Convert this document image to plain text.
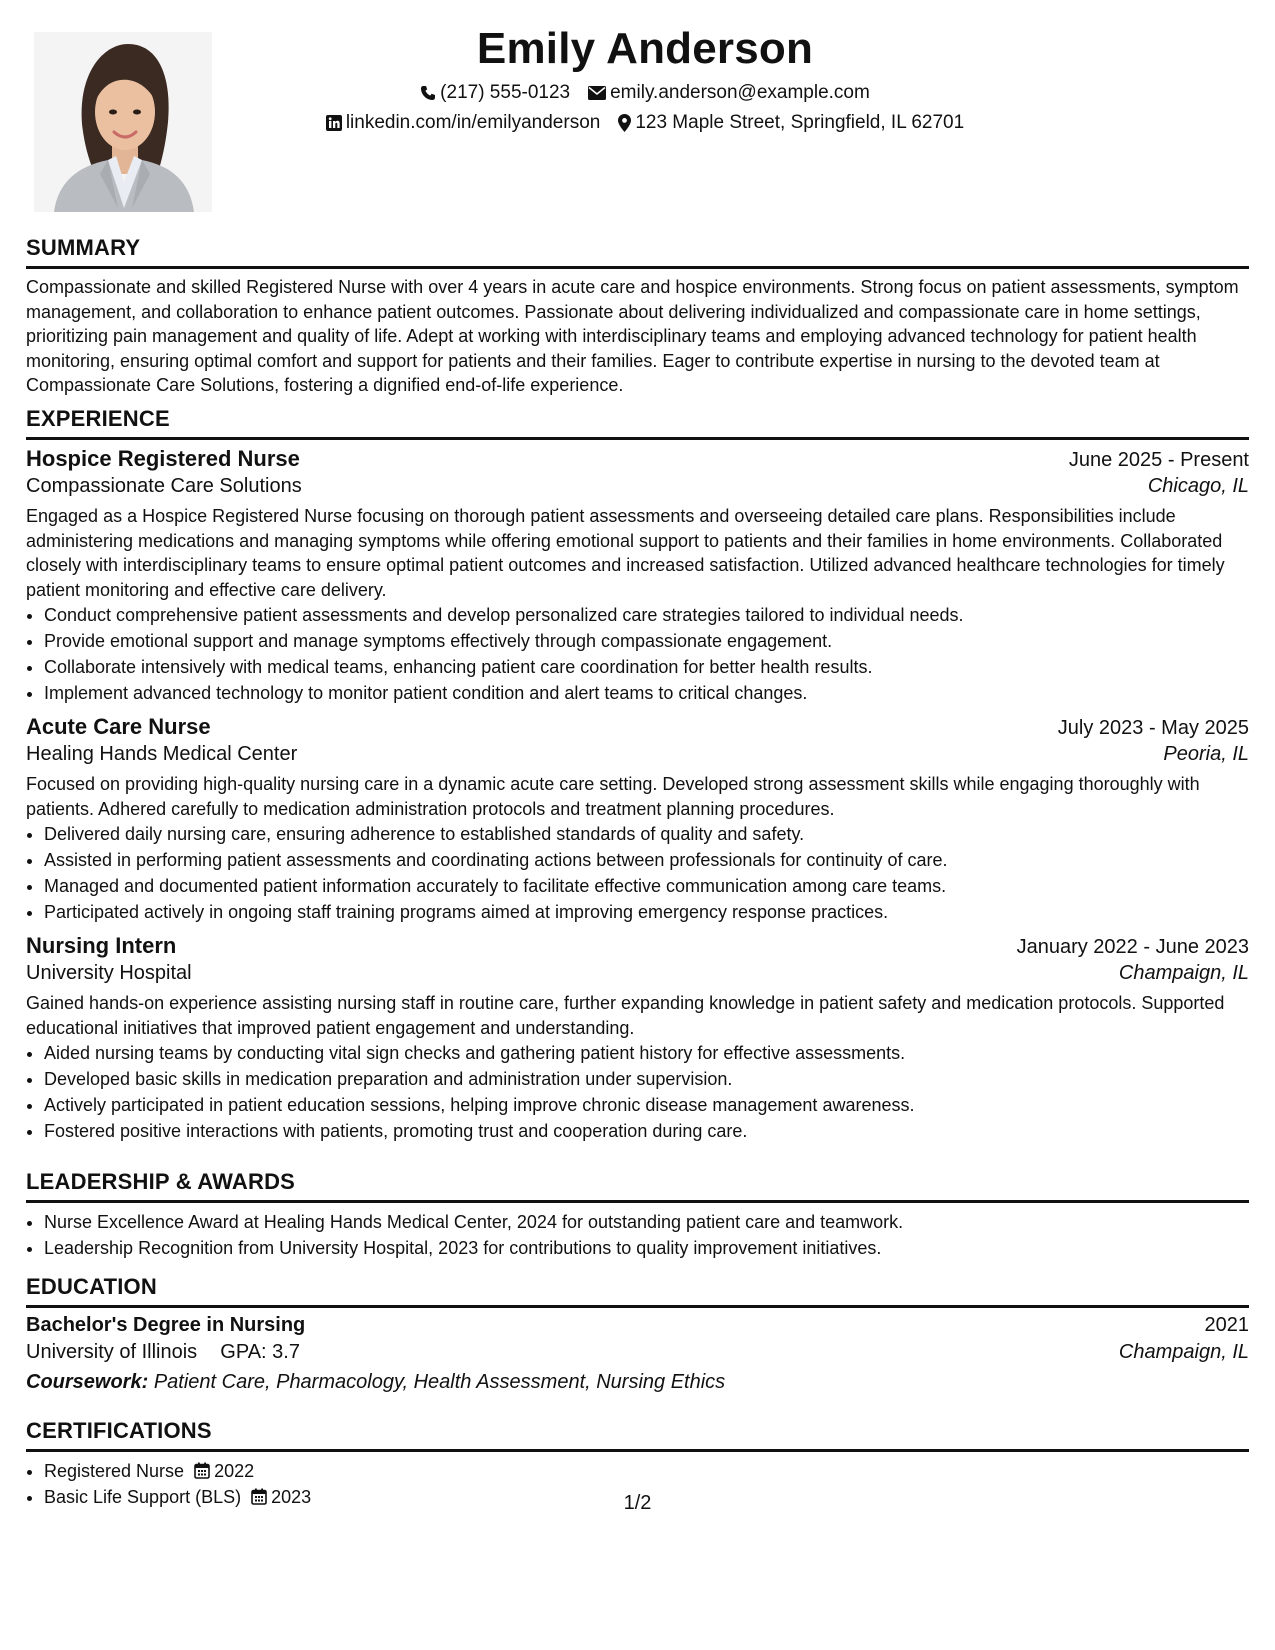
Emily Anderson
(217) 555-0123 emily.anderson@example.com
linkedin.com/in/emilyanderson 123 Maple Street, Springfield, IL 62701
SUMMARY

Compassionate and skilled Registered Nurse with over 4 years in acute care and hospice environments. Strong focus on patient assessments, symptom management, and collaboration to enhance patient outcomes. Passionate about delivering individualized and compassionate care in home settings, prioritizing pain management and quality of life. Adept at working with interdisciplinary teams and employing advanced technology for patient health monitoring, ensuring optimal comfort and support for patients and their families. Eager to contribute expertise in nursing to the devoted team at Compassionate Care Solutions, fostering a dignified end-of-life experience.

EXPERIENCE
Hospice Registered Nurse	June 2025 - Present
Compassionate Care Solutions	Chicago, IL

Engaged as a Hospice Registered Nurse focusing on thorough patient assessments and overseeing detailed care plans. Responsibilities include administering medications and managing symptoms while offering emotional support to patients and their families in home environments. Collaborated closely with interdisciplinary teams to ensure optimal patient outcomes and increased satisfaction. Utilized advanced healthcare technologies for timely patient monitoring and effective care delivery.

• Conduct comprehensive patient assessments and develop personalized care strategies tailored to individual needs.
• Provide emotional support and manage symptoms effectively through compassionate engagement.
• Collaborate intensively with medical teams, enhancing patient care coordination for better health results.
• Implement advanced technology to monitor patient condition and alert teams to critical changes.
Acute Care Nurse	July 2023 - May 2025
Healing Hands Medical Center	Peoria, IL

Focused on providing high-quality nursing care in a dynamic acute care setting. Developed strong assessment skills while engaging thoroughly with patients. Adhered carefully to medication administration protocols and treatment planning procedures.

• Delivered daily nursing care, ensuring adherence to established standards of quality and safety.
• Assisted in performing patient assessments and coordinating actions between professionals for continuity of care.
• Managed and documented patient information accurately to facilitate effective communication among care teams.
• Participated actively in ongoing staff training programs aimed at improving emergency response practices.
Nursing Intern	January 2022 - June 2023
University Hospital	Champaign, IL

Gained hands-on experience assisting nursing staff in routine care, further expanding knowledge in patient safety and medication protocols. Supported educational initiatives that improved patient engagement and understanding.

• Aided nursing teams by conducting vital sign checks and gathering patient history for effective assessments.
• Developed basic skills in medication preparation and administration under supervision.
• Actively participated in patient education sessions, helping improve chronic disease management awareness.
• Fostered positive interactions with patients, promoting trust and cooperation during care.
LEADERSHIP & AWARDS
• Nurse Excellence Award at Healing Hands Medical Center, 2024 for outstanding patient care and teamwork.
• Leadership Recognition from University Hospital, 2023 for contributions to quality improvement initiatives.
EDUCATION
Bachelor's Degree in Nursing	2021
University of Illinois GPA: 3.7	Champaign, IL
Coursework: Patient Care, Pharmacology, Health Assessment, Nursing Ethics
CERTIFICATIONS
• Registered Nurse 2022
• Basic Life Support (BLS) 2023	1/2
